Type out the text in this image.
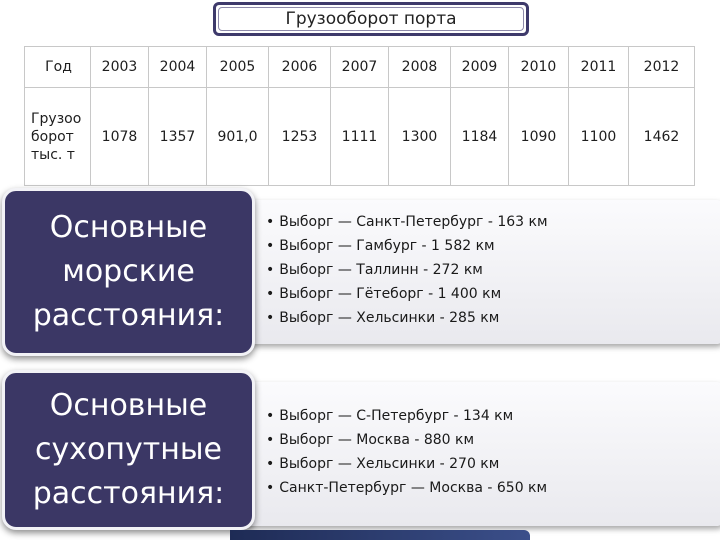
Грузооборот порта
Год	2003	2004	2005	2006	2007	2008	2009	2010	2011	2012
Грузоо
борот
тыс. т	1078	1357	901,0	1253	1111	1300	1184	1090	1100	1462
• Выборг — Санкт-Петербург - 163 км
• Выборг — Гамбург - 1 582 км
• Выборг — Таллинн - 272 км
• Выборг — Гётеборг - 1 400 км
• Выборг — Хельсинки - 285 км
Основные
морские
расстояния:
• Выборг — С-Петербург - 134 км
• Выборг — Москва - 880 км
• Выборг — Хельсинки - 270 км
• Санкт-Петербург — Москва - 650 км
Основные
сухопутные
расстояния:
